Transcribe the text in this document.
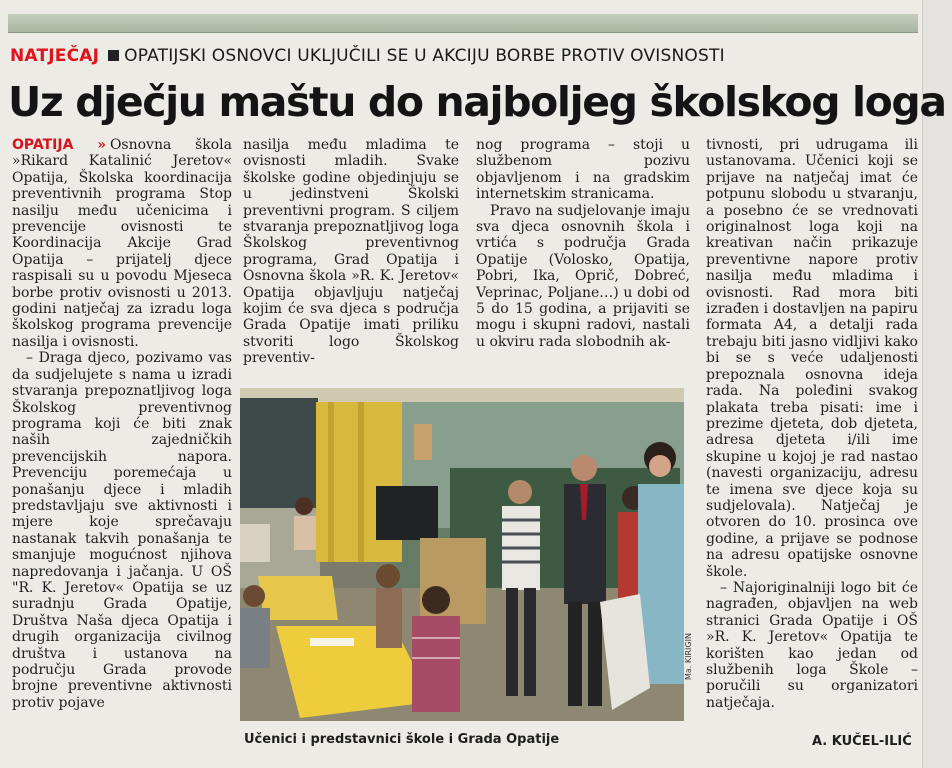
NATJEČAJ OPATIJSKI OSNOVCI UKLJUČILI SE U AKCIJU BORBE PROTIV OVISNOSTI
Uz dječju maštu do najboljeg školskog loga

OPATIJA » Osnovna škola »Rikard Katalinić Jeretov« Opatija, Školska koordinacija preventivnih programa Stop nasilju među učenicima i prevencije ovisnosti te Koordinacija Akcije Grad Opatija – prijatelj djece raspisali su u povodu Mjeseca borbe protiv ovisnosti u 2013. godini natječaj za izradu loga školskog programa prevencije nasilja i ovisnosti.

– Draga djeco, pozivamo vas da sudjelujete s nama u izradi stvaranja prepoznatljivog loga Školskog preventivnog programa koji će biti znak naših zajedničkih prevencijskih napora. Prevenciju poremećaja u ponašanju djece i mladih predstavljaju sve aktivnosti i mjere koje sprečavaju nastanak takvih ponašanja te smanjuje mogućnost njihova napredovanja i jačanja. U OŠ "R. K. Jeretov« Opatija se uz suradnju Grada Opatije, Društva Naša djeca Opatija i drugih organizacija civilnog društva i ustanova na području Grada provode brojne preventivne aktivnosti protiv pojave

nasilja među mladima te ovisnosti mladih. Svake školske godine objedinjuju se u jedinstveni Školski preventivni program. S ciljem stvaranja prepoznatljivog loga Školskog preventivnog programa, Grad Opatija i Osnovna škola »R. K. Jeretov« Opatija objavljuju natječaj kojim će sva djeca s područja Grada Opatije imati priliku stvoriti logo Školskog preventiv-

nog programa – stoji u službenom pozivu objavljenom i na gradskim internetskim stranicama.

Pravo na sudjelovanje imaju sva djeca osnovnih škola i vrtića s područja Grada Opatije (Volosko, Opatija, Pobri, Ika, Oprič, Dobreć, Veprinac, Poljane…) u dobi od 5 do 15 godina, a prijaviti se mogu i skupni radovi, nastali u okviru rada slobodnih ak-

tivnosti, pri udrugama ili ustanovama. Učenici koji se prijave na natječaj imat će potpunu slobodu u stvaranju, a posebno će se vrednovati originalnost loga koji na kreativan način prikazuje preventivne napore protiv nasilja među mladima i ovisnosti. Rad mora biti izrađen i dostavljen na papiru formata A4, a detalji rada trebaju biti jasno vidljivi kako bi se s veće udaljenosti prepoznala osnovna ideja rada. Na poleđini svakog plakata treba pisati: ime i prezime djeteta, dob djeteta, adresa djeteta i/ili ime skupine u kojoj je rad nastao (navesti organizaciju, adresu te imena sve djece koja su sudjelovala). Natječaj je otvoren do 10. prosinca ove godine, a prijave se podnose na adresu opatijske osnovne škole.

– Najoriginalniji logo bit će nagrađen, objavljen na web stranici Grada Opatije i OŠ »R. K. Jeretov« Opatija te korišten kao jedan od službenih loga Škole – poručili su organizatori natječaja.

Ma. KIRIGIN
Učenici i predstavnici škole i Grada Opatije	A. KUČEL-ILIĆ
